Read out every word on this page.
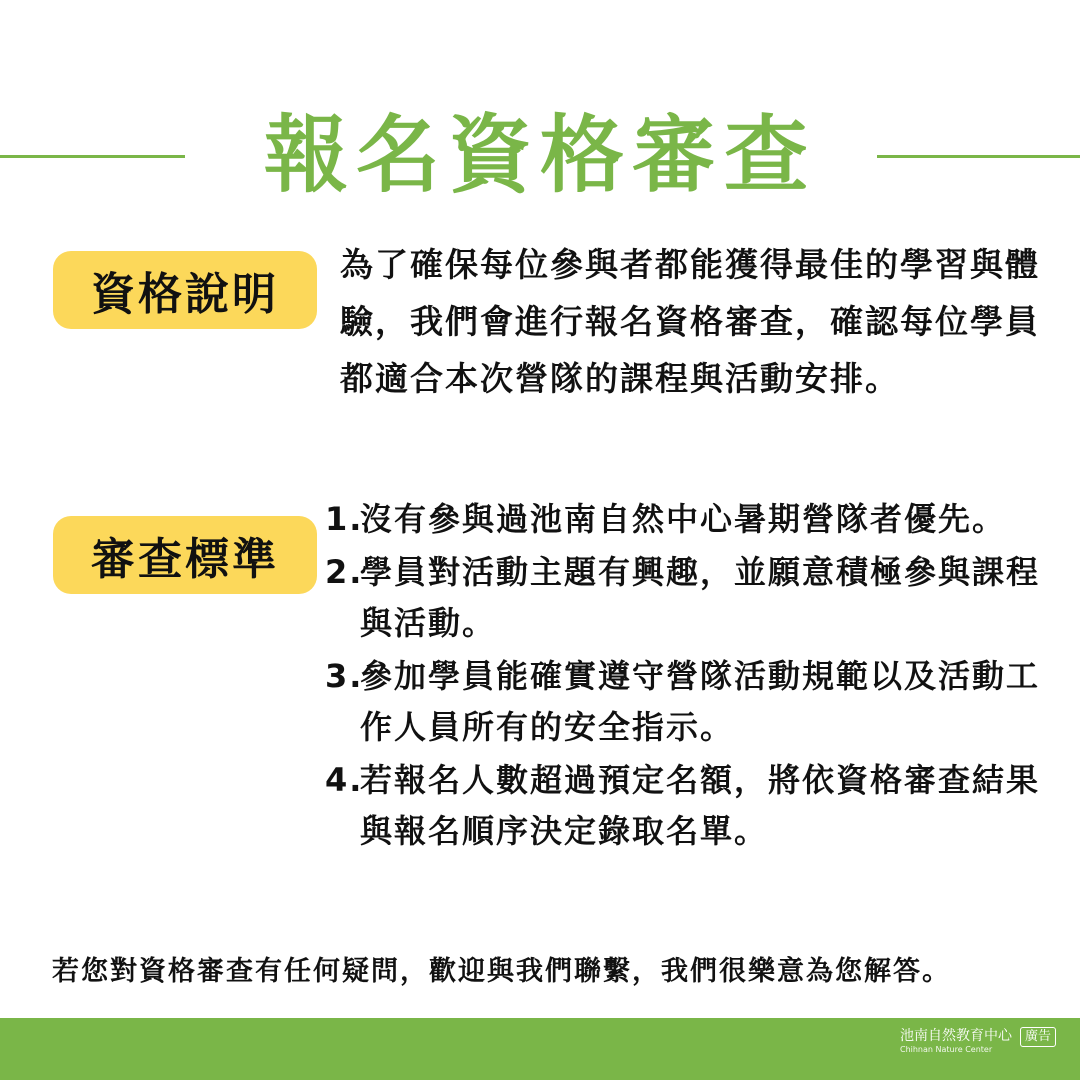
報名資格審查
資格說明
為了確保每位參與者都能獲得最佳的學習與體驗，我們會進行報名資格審查，確認每位學員都適合本次營隊的課程與活動安排。
審查標準
1.
沒有參與過池南自然中心暑期營隊者優先。
2.
學員對活動主題有興趣，並願意積極參與課程與活動。
3.
參加學員能確實遵守營隊活動規範以及活動工作人員所有的安全指示。
4.
若報名人數超過預定名額，將依資格審查結果與報名順序決定錄取名單。
若您對資格審查有任何疑問，歡迎與我們聯繫，我們很樂意為您解答。
池南自然教育中心
Chihnan Nature Center
廣告
